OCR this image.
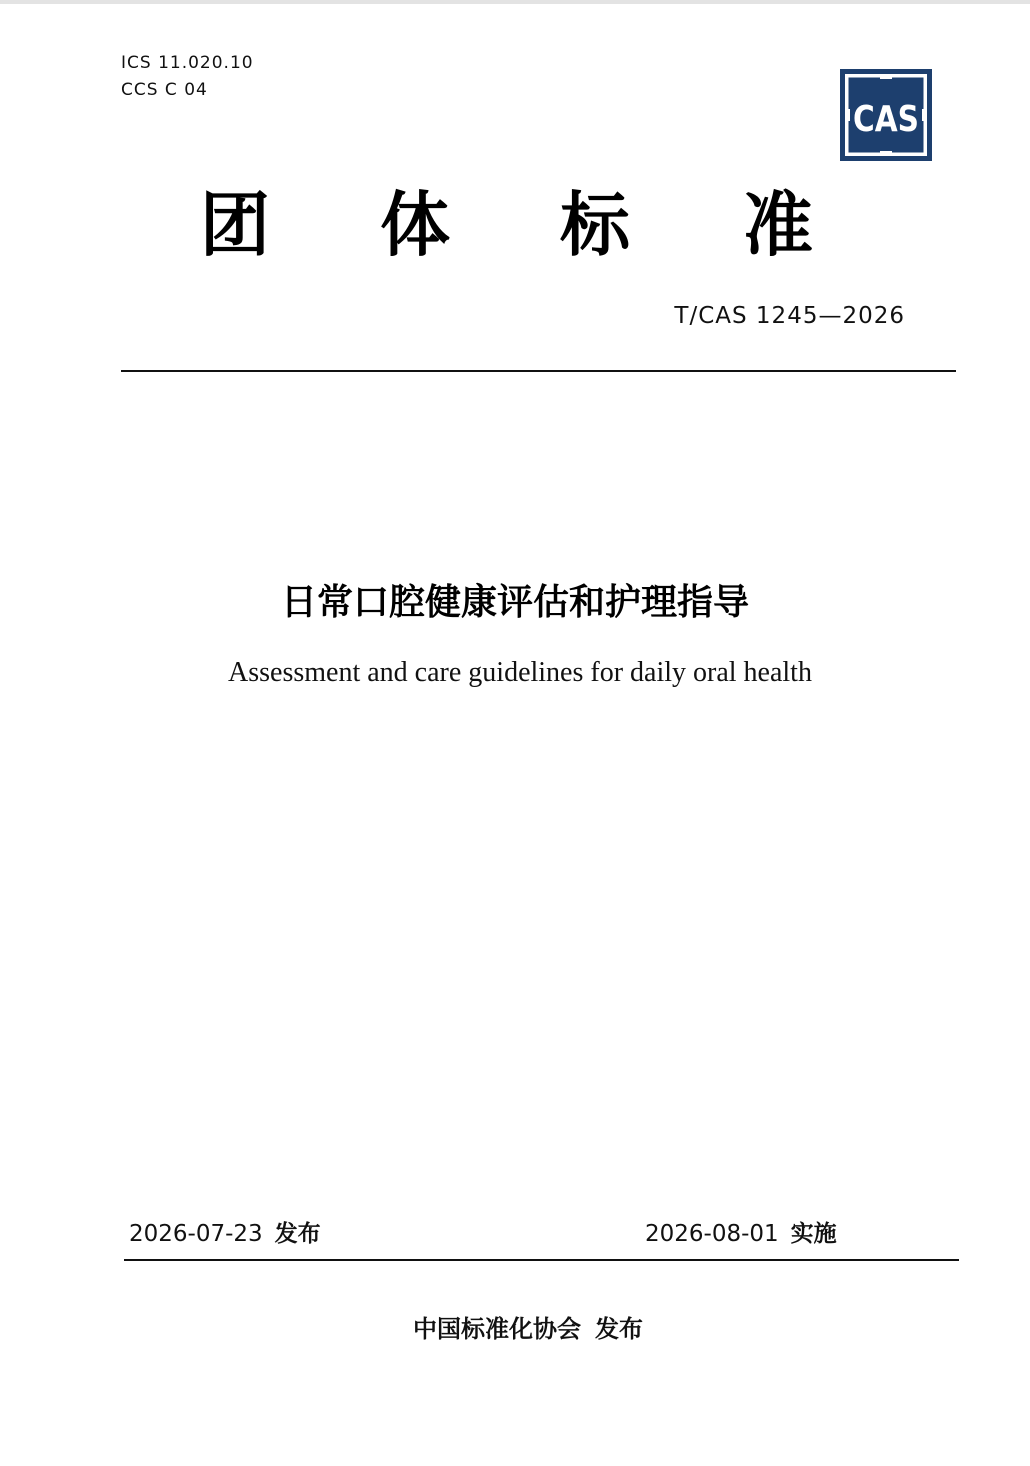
ICS 11.020.10
CCS C 04
CAS
团 体 标 准
T/CAS 1245—2026
日常口腔健康评估和护理指导
Assessment and care guidelines for daily oral health
2026-07-23 发布	2026-08-01 实施
中国标准化协会 发布
